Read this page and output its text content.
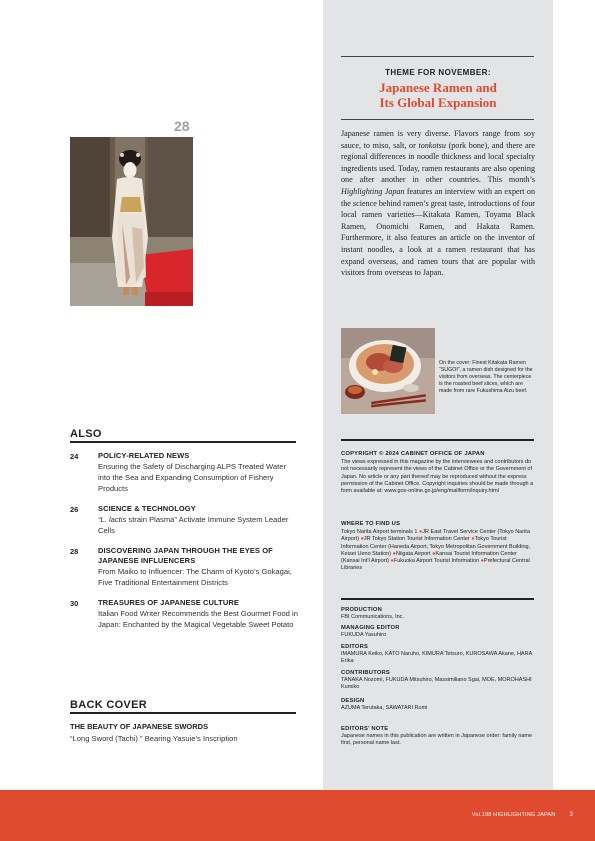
28
ALSO
24	POLICY-RELATED NEWS
Ensuring the Safety of Discharging ALPS Treated Water into the Sea and Expanding Consumption of Fishery Products
26	SCIENCE & TECHNOLOGY
“L. lactis strain Plasma” Activate Immune System Leader Cells
28	DISCOVERING JAPAN THROUGH THE EYES OF JAPANESE INFLUENCERS
From Maiko to Influencer: The Charm of Kyoto’s Gokagai, Five Traditional Entertainment Districts
30	TREASURES OF JAPANESE CULTURE
Italian Food Writer Recommends the Best Gourmet Food in Japan: Enchanted by the Magical Vegetable Sweet Potato
BACK COVER
THE BEAUTY OF JAPANESE SWORDS
“Long Sword (Tachi) ” Bearing Yasuie’s Inscription
THEME FOR NOVEMBER:
Japanese Ramen and
Its Global Expansion
Japanese ramen is very diverse. Flavors range from soy sauce, to miso, salt, or tonkotsu (pork bone), and there are regional differences in noodle thickness and local specialty ingredients used. Today, ramen restaurants are also opening one after another in other countries. This month’s Highlighting Japan features an interview with an expert on the science behind ramen’s great taste, introductions of four local ramen varieties—Kitakata Ramen, Toyama Black Ramen, Onomichi Ramen, and Hakata Ramen. Furthermore, it also features an article on the inventor of instant noodles, a look at a ramen restaurant that has expand overseas, and ramen tours that are popular with visitors from overseas to Japan.
On the cover: Finest Kitakata Ramen “SUGOI”, a ramen dish designed for the visitors from overseas. The centerpiece is the roasted beef slices, which are made from rare Fukushima Aizu beef.
COPYRIGHT © 2024 CABINET OFFICE OF JAPAN
The views expressed in this magazine by the interviewees and contributors do not necessarily represent the views of the Cabinet Office or the Government of Japan. No article or any part thereof may be reproduced without the express permission of the Cabinet Office. Copyright inquiries should be made through a form available at: www.gov-online.go.jp/eng/mailform/inquiry.html
WHERE TO FIND US
Tokyo Narita Airport terminals 1 ●JR East Travel Service Center (Tokyo Narita Airport) ●JR Tokyo Station Tourist Information Center ●Tokyo Tourist Information Center (Haneda Airport, Tokyo Metropolitan Government Building, Keisei Ueno Station) ●Niigata Airport ●Kansai Tourist Information Center (Kansai Int’l Airport) ●Fukuoka Airport Tourist Information ●Prefectural Central Libraries
PRODUCTION
FBI Communications, Inc.
MANAGING EDITOR
FUKUDA Yasuhiro
EDITORS
IMAMURA Keiko, KATO Naruho, KIMURA Tetsuro, KUROSAWA Akane, HARA Erika
CONTRIBUTORS
TANAKA Nozomi, FUKUDA Mitsuhiro, Massimiliano Sgai, MOE, MOROHASHI Kumiko
DESIGN
AZUMA Terutaka, SAWATARI Rumi
EDITORS’ NOTE
Japanese names in this publication are written in Japanese order: family name first, personal name last.
Vol.198 HIGHLIGHTING JAPAN 3
